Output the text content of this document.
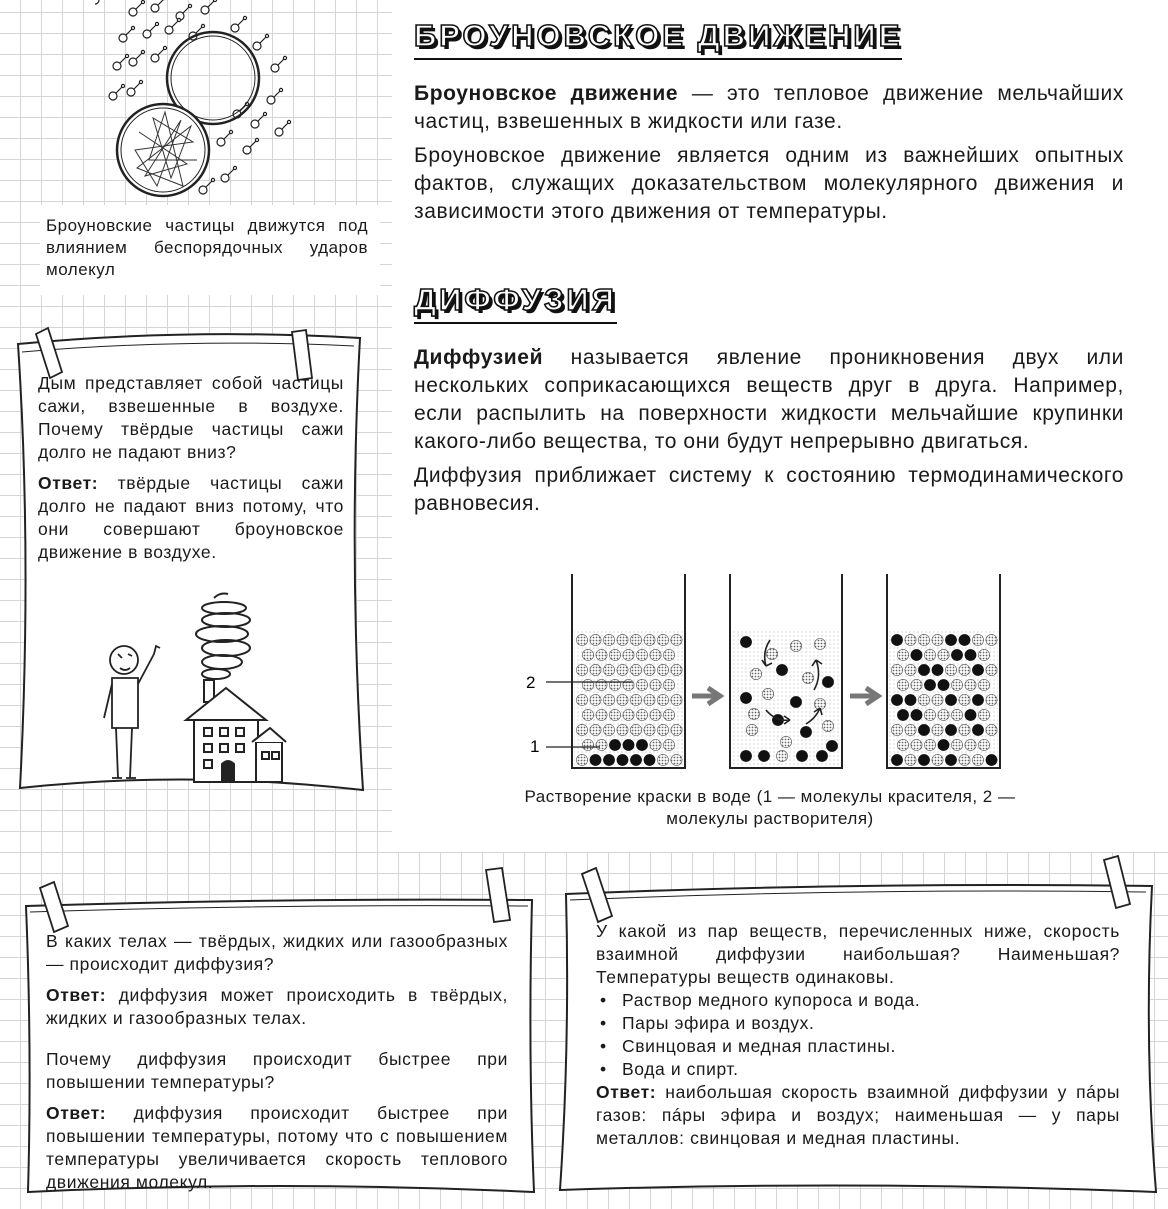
Броуновские частицы движутся под влиянием беспорядочных ударов молекул
БРОУНОВСКОЕ ДВИЖЕНИЕ

Броуновское движение — это тепловое движение мельчайших частиц, взвешенных в жидкости или газе.

Броуновское движение является одним из важнейших опытных фактов, служащих доказательством молекулярного движения и зависимости этого движения от температуры.

ДИФФУЗИЯ

Диффузией называется явление проникновения двух или нескольких соприкасающихся веществ друг в друга. Например, если распылить на поверхности жидкости мельчайшие крупинки какого-либо вещества, то они будут непрерывно двигаться.

Диффузия приближает систему к состоянию термодинамического равновесия.

2
1
Растворение краски в воде (1 — молекулы красителя, 2 —
молекулы растворителя)

Дым представляет собой частицы сажи, взвешенные в воздухе. Почему твёрдые частицы сажи долго не падают вниз?

Ответ: твёрдые частицы сажи долго не падают вниз потому, что они совершают броуновское движение в воздухе.

В каких телах — твёрдых, жидких или газообразных — происходит диффузия?

Ответ: диффузия может происходить в твёрдых, жидких и газообразных телах.

Почему диффузия происходит быстрее при повышении температуры?

Ответ: диффузия происходит быстрее при повышении температуры, потому что с повышением температуры увеличивается скорость теплового движения молекул.

У какой из пар веществ, перечисленных ниже, скорость взаимной диффузии наибольшая? Наименьшая? Температуры веществ одинаковы.

• Раствор медного купороса и вода.
• Пары эфира и воздух.
• Свинцовая и медная пластины.
• Вода и спирт.

Ответ: наибольшая скорость взаимной диффузии у пáры газов: пáры эфира и воздух; наименьшая — у пары металлов: свинцовая и медная пластины.
